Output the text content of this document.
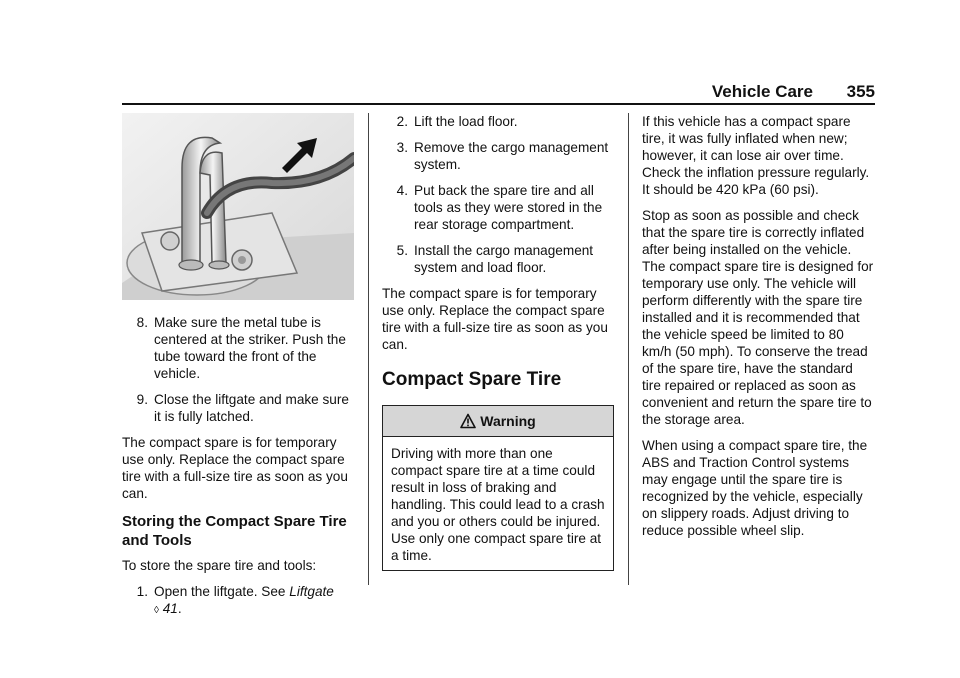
Vehicle Care 355
8. Make sure the metal tube is centered at the striker. Push the tube toward the front of the vehicle.
9. Close the liftgate and make sure it is fully latched.

The compact spare is for temporary use only. Replace the compact spare tire with a full-size tire as soon as you can.

Storing the Compact Spare Tire and Tools

To store the spare tire and tools:

1. Open the liftgate. See Liftgate
◊ 41.
2. Lift the load floor.
3. Remove the cargo management system.
4. Put back the spare tire and all tools as they were stored in the rear storage compartment.
5. Install the cargo management system and load floor.

The compact spare is for temporary use only. Replace the compact spare tire with a full-size tire as soon as you can.

Compact Spare Tire
Warning
Driving with more than one compact spare tire at a time could result in loss of braking and handling. This could lead to a crash and you or others could be injured. Use only one compact spare tire at a time.

If this vehicle has a compact spare tire, it was fully inflated when new; however, it can lose air over time. Check the inflation pressure regularly. It should be 420 kPa (60 psi).

Stop as soon as possible and check that the spare tire is correctly inflated after being installed on the vehicle. The compact spare tire is designed for temporary use only. The vehicle will perform differently with the spare tire installed and it is recommended that the vehicle speed be limited to 80 km/h (50 mph). To conserve the tread of the spare tire, have the standard tire repaired or replaced as soon as convenient and return the spare tire to the storage area.

When using a compact spare tire, the ABS and Traction Control systems may engage until the spare tire is recognized by the vehicle, especially on slippery roads. Adjust driving to reduce possible wheel slip.
